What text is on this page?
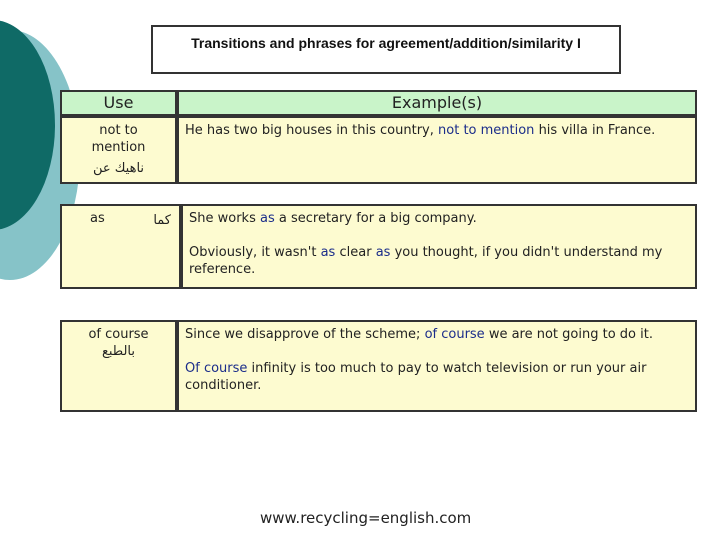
Transitions and phrases for agreement/addition/similarity I
Use	Example(s)

not to

mention

ناهيك عن

He has two big houses in this country, not to mention his villa in France.

as	كما She works as a secretary for a big company.

Obviously, it wasn't as clear as you thought, if you didn't understand my reference.

of course

بالطبع

Since we disapprove of the scheme; of course we are not going to do it.

Of course infinity is too much to pay to watch television or run your air conditioner.

www.recycling=english.com
